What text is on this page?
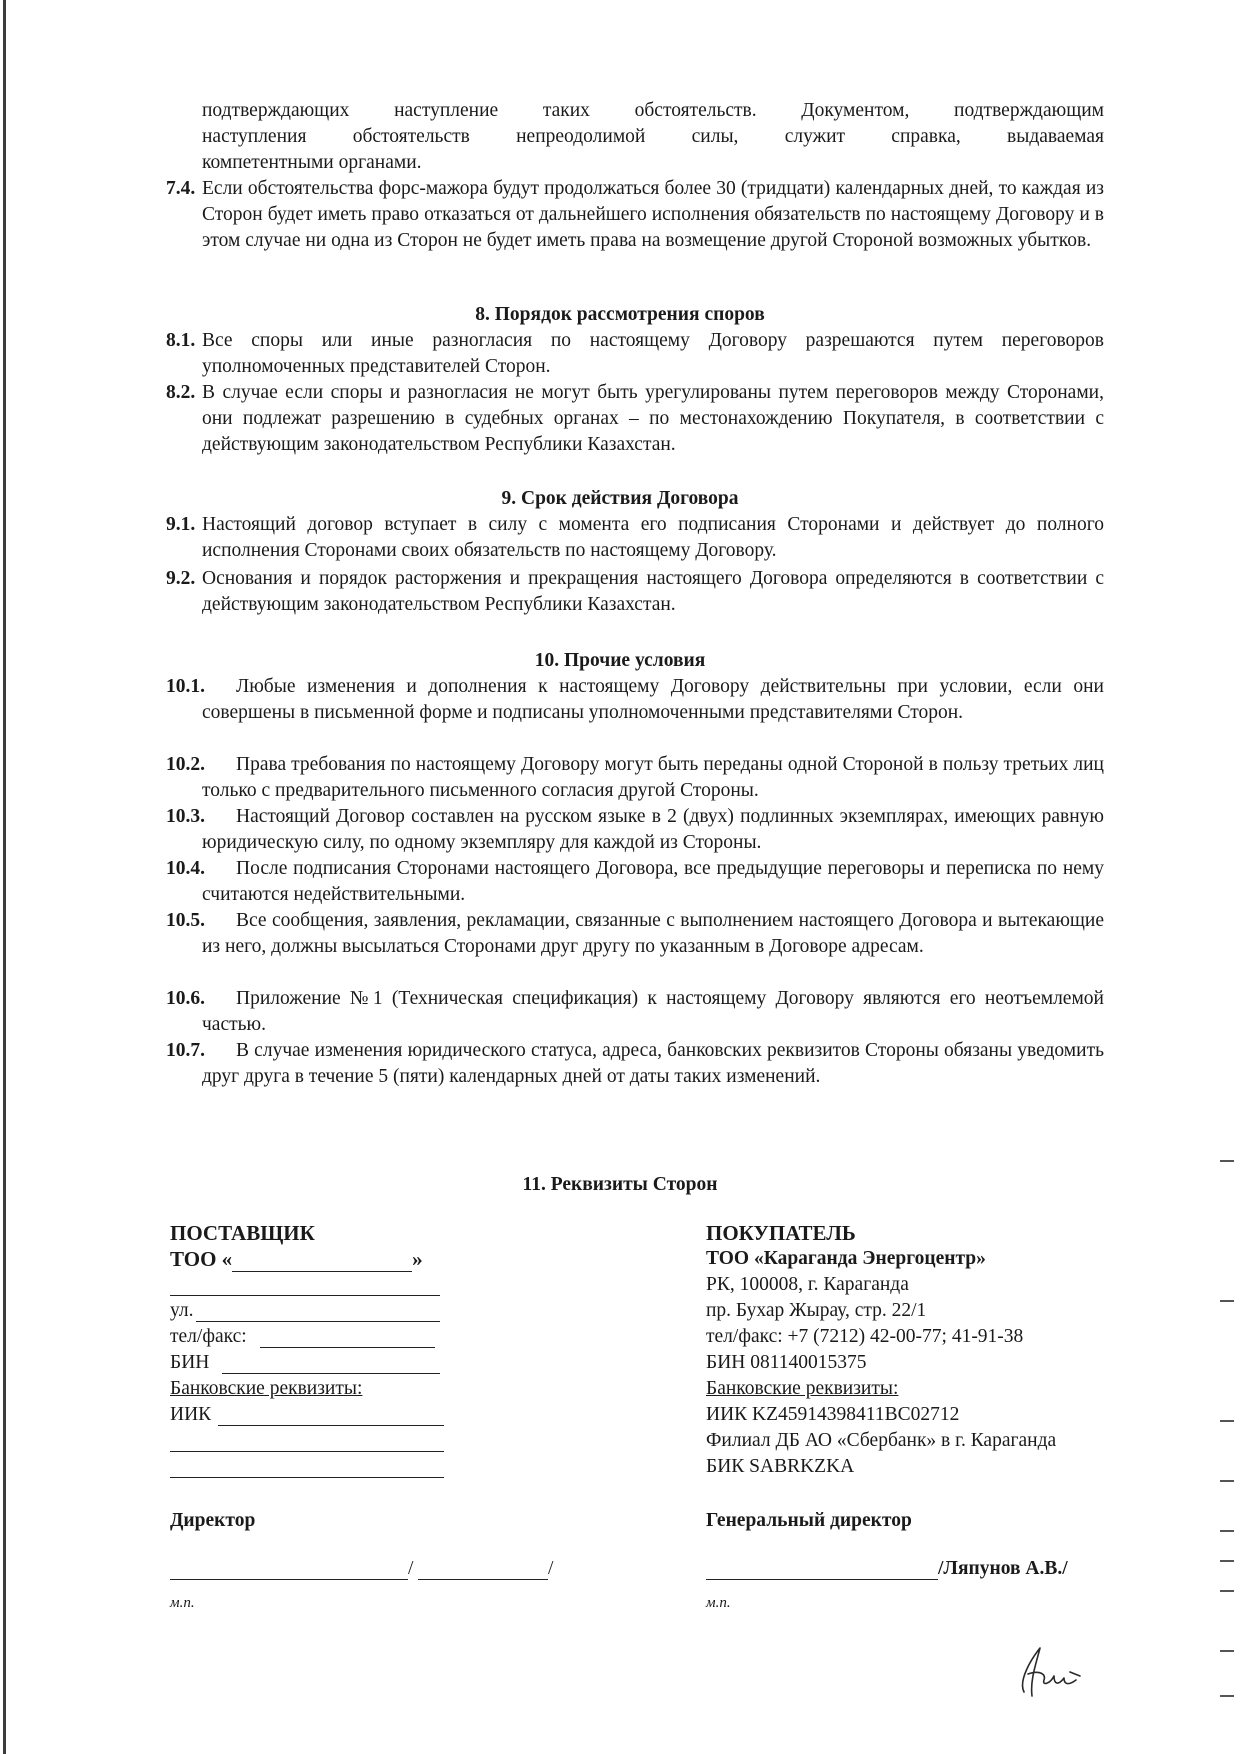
подтверждающих наступление таких обстоятельств. Документом, подтверждающим
наступления обстоятельств непреодолимой силы, служит справка, выдаваемая
компетентными органами.
7.4. Если обстоятельства форс-мажора будут продолжаться более 30 (тридцати) календарных дней, то каждая из Сторон будет иметь право отказаться от дальнейшего исполнения обязательств по настоящему Договору и в этом случае ни одна из Сторон не будет иметь права на возмещение другой Стороной возможных убытков.
8. Порядок рассмотрения споров
8.1. Все споры или иные разногласия по настоящему Договору разрешаются путем переговоров уполномоченных представителей Сторон.
8.2. В случае если споры и разногласия не могут быть урегулированы путем переговоров между Сторонами, они подлежат разрешению в судебных органах – по местонахождению Покупателя, в соответствии с действующим законодательством Республики Казахстан.
9. Срок действия Договора
9.1. Настоящий договор вступает в силу с момента его подписания Сторонами и действует до полного исполнения Сторонами своих обязательств по настоящему Договору.
9.2. Основания и порядок расторжения и прекращения настоящего Договора определяются в соответствии с действующим законодательством Республики Казахстан.
10. Прочие условия
10.1.	Любые изменения и дополнения к настоящему Договору действительны при условии, если они совершены в письменной форме и подписаны уполномоченными представителями Сторон.
10.2.	Права требования по настоящему Договору могут быть переданы одной Стороной в пользу третьих лиц только с предварительного письменного согласия другой Стороны.
10.3.	Настоящий Договор составлен на русском языке в 2 (двух) подлинных экземплярах, имеющих равную юридическую силу, по одному экземпляру для каждой из Стороны.
10.4.	После подписания Сторонами настоящего Договора, все предыдущие переговоры и переписка по нему считаются недействительными.
10.5.	Все сообщения, заявления, рекламации, связанные с выполнением настоящего Договора и вытекающие из него, должны высылаться Сторонами друг другу по указанным в Договоре адресам.
10.6.	Приложение №1 (Техническая спецификация) к настоящему Договору являются его неотъемлемой частью.
10.7.	В случае изменения юридического статуса, адреса, банковских реквизитов Стороны обязаны уведомить друг друга в течение 5 (пяти) календарных дней от даты таких изменений.
11. Реквизиты Сторон
ПОСТАВЩИК
ТОО «	»
ул.
тел/факс:
БИН
Банковские реквизиты:
ИИК
Директор
/	/
м.п.
ПОКУПАТЕЛЬ
ТОО «Караганда Энергоцентр»
РК, 100008, г. Караганда
пр. Бухар Жырау, стр. 22/1
тел/факс: +7 (7212) 42-00-77; 41-91-38
БИН 081140015375
Банковские реквизиты:
ИИК KZ45914398411BC02712
Филиал ДБ АО «Сбербанк» в г. Караганда
БИК SABRKZKA
Генеральный директор
/Ляпунов А.В./
м.п.
